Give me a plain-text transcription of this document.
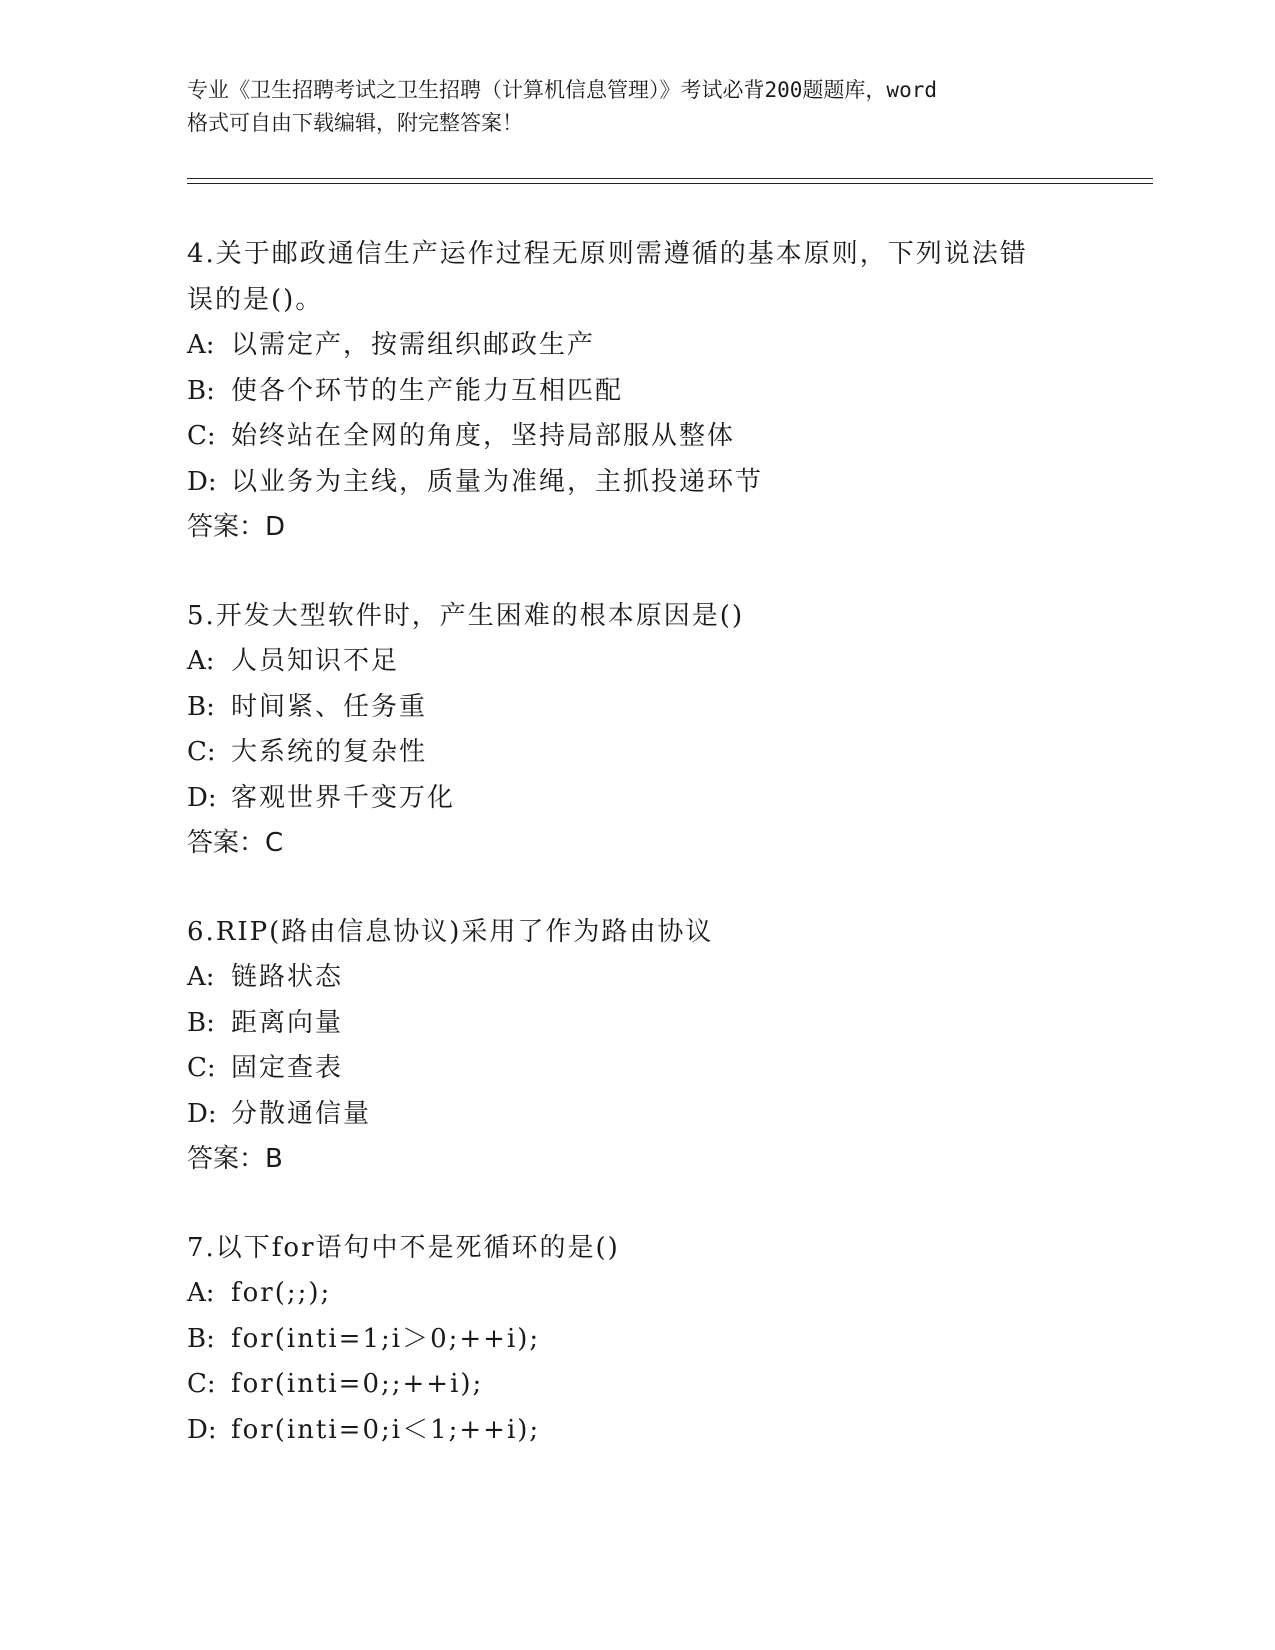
专业《卫生招聘考试之卫生招聘（计算机信息管理）》考试必背200题题库，word
格式可自由下载编辑，附完整答案！
4.关于邮政通信生产运作过程无原则需遵循的基本原则，下列说法错
误的是()。
A: 以需定产，按需组织邮政生产
B: 使各个环节的生产能力互相匹配
C: 始终站在全网的角度，坚持局部服从整体
D: 以业务为主线，质量为准绳，主抓投递环节
答案：D
5.开发大型软件时，产生困难的根本原因是()
A: 人员知识不足
B: 时间紧、任务重
C: 大系统的复杂性
D: 客观世界千变万化
答案：C
6.RIP(路由信息协议)采用了作为路由协议
A: 链路状态
B: 距离向量
C: 固定查表
D: 分散通信量
答案：B
7.以下for语句中不是死循环的是()
A: for(;;);
B: for(inti=1;i＞0;++i);
C: for(inti=0;;++i);
D: for(inti=0;i＜1;++i);
